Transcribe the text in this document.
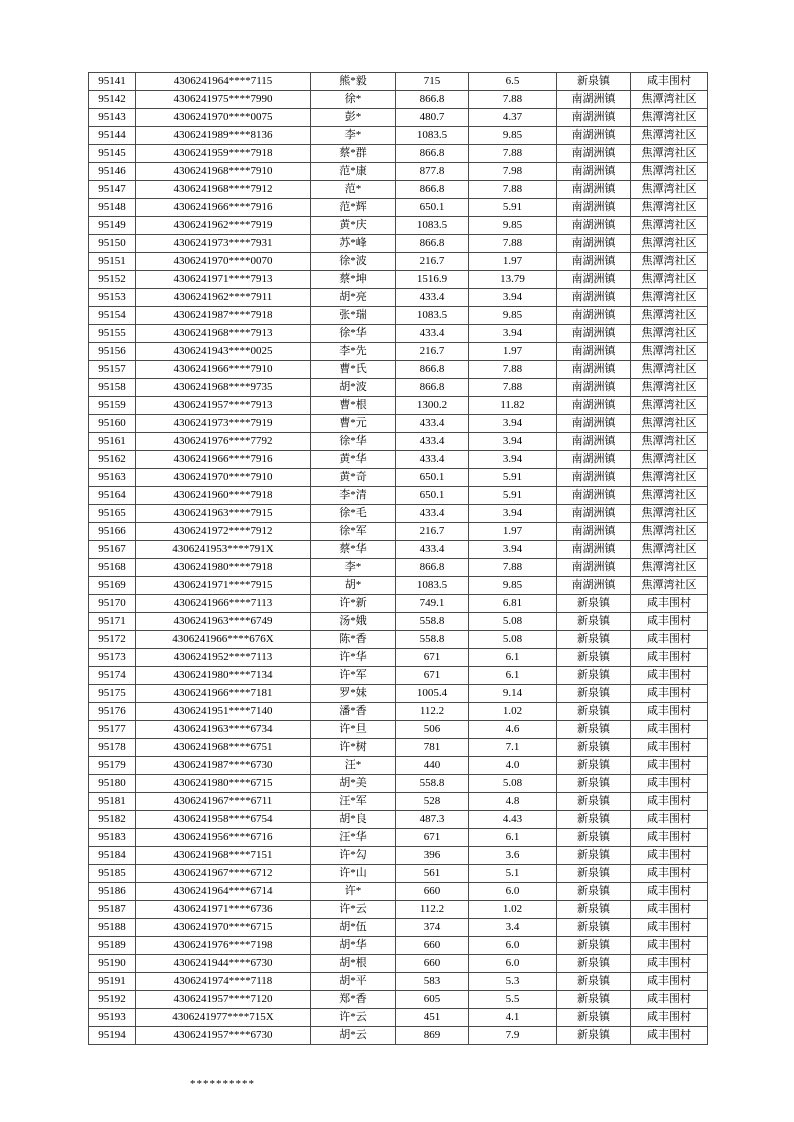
95141	4306241964****7115	熊*毅	715	6.5	新泉镇	咸丰围村
95142	4306241975****7990	徐*	866.8	7.88	南湖洲镇	焦潭湾社区
95143	4306241970****0075	彭*	480.7	4.37	南湖洲镇	焦潭湾社区
95144	4306241989****8136	李*	1083.5	9.85	南湖洲镇	焦潭湾社区
95145	4306241959****7918	蔡*群	866.8	7.88	南湖洲镇	焦潭湾社区
95146	4306241968****7910	范*康	877.8	7.98	南湖洲镇	焦潭湾社区
95147	4306241968****7912	范*	866.8	7.88	南湖洲镇	焦潭湾社区
95148	4306241966****7916	范*辉	650.1	5.91	南湖洲镇	焦潭湾社区
95149	4306241962****7919	黄*庆	1083.5	9.85	南湖洲镇	焦潭湾社区
95150	4306241973****7931	苏*峰	866.8	7.88	南湖洲镇	焦潭湾社区
95151	4306241970****0070	徐*波	216.7	1.97	南湖洲镇	焦潭湾社区
95152	4306241971****7913	蔡*坤	1516.9	13.79	南湖洲镇	焦潭湾社区
95153	4306241962****7911	胡*亮	433.4	3.94	南湖洲镇	焦潭湾社区
95154	4306241987****7918	张*瑞	1083.5	9.85	南湖洲镇	焦潭湾社区
95155	4306241968****7913	徐*华	433.4	3.94	南湖洲镇	焦潭湾社区
95156	4306241943****0025	李*先	216.7	1.97	南湖洲镇	焦潭湾社区
95157	4306241966****7910	曹*氏	866.8	7.88	南湖洲镇	焦潭湾社区
95158	4306241968****9735	胡*波	866.8	7.88	南湖洲镇	焦潭湾社区
95159	4306241957****7913	曹*根	1300.2	11.82	南湖洲镇	焦潭湾社区
95160	4306241973****7919	曹*元	433.4	3.94	南湖洲镇	焦潭湾社区
95161	4306241976****7792	徐*华	433.4	3.94	南湖洲镇	焦潭湾社区
95162	4306241966****7916	黄*华	433.4	3.94	南湖洲镇	焦潭湾社区
95163	4306241970****7910	黄*奇	650.1	5.91	南湖洲镇	焦潭湾社区
95164	4306241960****7918	李*清	650.1	5.91	南湖洲镇	焦潭湾社区
95165	4306241963****7915	徐*毛	433.4	3.94	南湖洲镇	焦潭湾社区
95166	4306241972****7912	徐*军	216.7	1.97	南湖洲镇	焦潭湾社区
95167	4306241953****791X	蔡*华	433.4	3.94	南湖洲镇	焦潭湾社区
95168	4306241980****7918	李*	866.8	7.88	南湖洲镇	焦潭湾社区
95169	4306241971****7915	胡*	1083.5	9.85	南湖洲镇	焦潭湾社区
95170	4306241966****7113	许*新	749.1	6.81	新泉镇	咸丰围村
95171	4306241963****6749	汤*娥	558.8	5.08	新泉镇	咸丰围村
95172	4306241966****676X	陈*香	558.8	5.08	新泉镇	咸丰围村
95173	4306241952****7113	许*华	671	6.1	新泉镇	咸丰围村
95174	4306241980****7134	许*军	671	6.1	新泉镇	咸丰围村
95175	4306241966****7181	罗*妹	1005.4	9.14	新泉镇	咸丰围村
95176	4306241951****7140	潘*香	112.2	1.02	新泉镇	咸丰围村
95177	4306241963****6734	许*旦	506	4.6	新泉镇	咸丰围村
95178	4306241968****6751	许*树	781	7.1	新泉镇	咸丰围村
95179	4306241987****6730	汪*	440	4.0	新泉镇	咸丰围村
95180	4306241980****6715	胡*美	558.8	5.08	新泉镇	咸丰围村
95181	4306241967****6711	汪*军	528	4.8	新泉镇	咸丰围村
95182	4306241958****6754	胡*良	487.3	4.43	新泉镇	咸丰围村
95183	4306241956****6716	汪*华	671	6.1	新泉镇	咸丰围村
95184	4306241968****7151	许*勾	396	3.6	新泉镇	咸丰围村
95185	4306241967****6712	许*山	561	5.1	新泉镇	咸丰围村
95186	4306241964****6714	许*	660	6.0	新泉镇	咸丰围村
95187	4306241971****6736	许*云	112.2	1.02	新泉镇	咸丰围村
95188	4306241970****6715	胡*伍	374	3.4	新泉镇	咸丰围村
95189	4306241976****7198	胡*华	660	6.0	新泉镇	咸丰围村
95190	4306241944****6730	胡*根	660	6.0	新泉镇	咸丰围村
95191	4306241974****7118	胡*平	583	5.3	新泉镇	咸丰围村
95192	4306241957****7120	郑*香	605	5.5	新泉镇	咸丰围村
95193	4306241977****715X	许*云	451	4.1	新泉镇	咸丰围村
95194	4306241957****6730	胡*云	869	7.9	新泉镇	咸丰围村
**********
